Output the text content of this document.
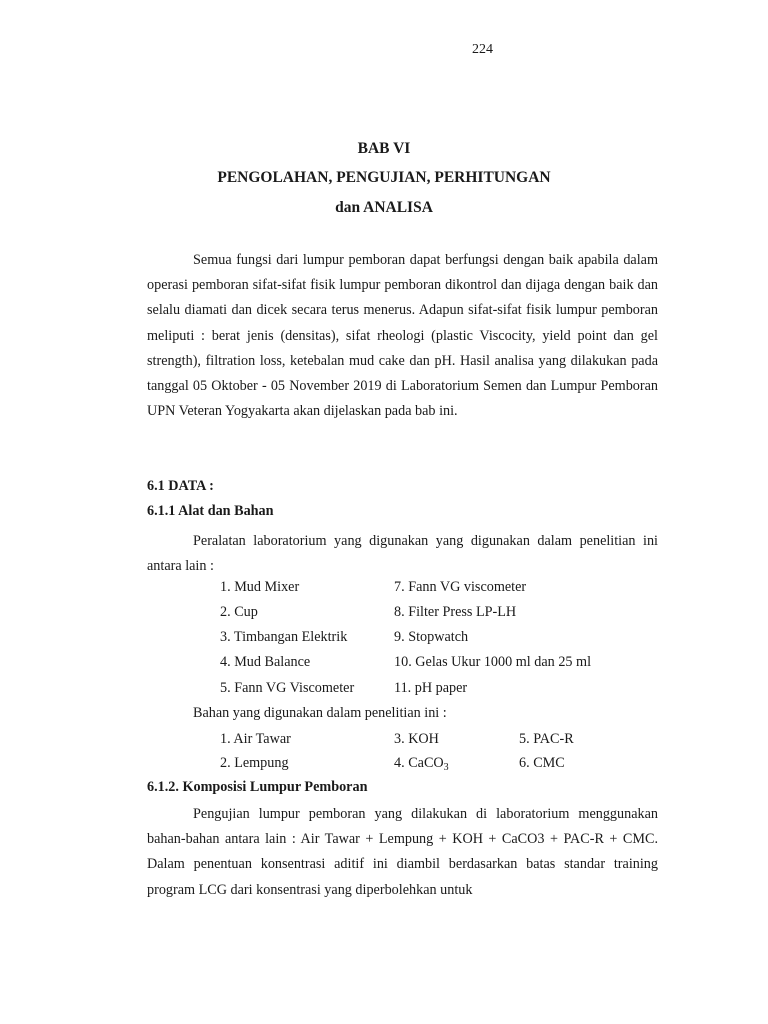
224
BAB VI
PENGOLAHAN, PENGUJIAN, PERHITUNGAN
dan ANALISA
Semua fungsi dari lumpur pemboran dapat berfungsi dengan baik apabila dalam operasi pemboran sifat-sifat fisik lumpur pemboran dikontrol dan dijaga dengan baik dan selalu diamati dan dicek secara terus menerus. Adapun sifat-sifat fisik lumpur pemboran meliputi : berat jenis (densitas), sifat rheologi (plastic Viscocity, yield point dan gel strength), filtration loss, ketebalan mud cake dan pH. Hasil analisa yang dilakukan pada tanggal 05 Oktober - 05 November 2019 di Laboratorium Semen dan Lumpur Pemboran UPN Veteran Yogyakarta akan dijelaskan pada bab ini.
6.1 DATA :
6.1.1 Alat dan Bahan
Peralatan laboratorium yang digunakan yang digunakan dalam penelitian ini antara lain :
1. Mud Mixer
2. Cup
3. Timbangan Elektrik
4. Mud Balance
5. Fann VG Viscometer
7. Fann VG viscometer
8. Filter Press LP-LH
9. Stopwatch
10. Gelas Ukur 1000 ml dan 25 ml
11. pH paper
Bahan yang digunakan dalam penelitian ini :
1. Air Tawar
2. Lempung
3. KOH
4. CaCO$_3$
5. PAC-R
6. CMC
6.1.2. Komposisi Lumpur Pemboran
Pengujian lumpur pemboran yang dilakukan di laboratorium menggunakan bahan-bahan antara lain : Air Tawar + Lempung + KOH + CaCO3 + PAC-R + CMC. Dalam penentuan konsentrasi aditif ini diambil berdasarkan batas standar training program LCG dari konsentrasi yang diperbolehkan untuk
